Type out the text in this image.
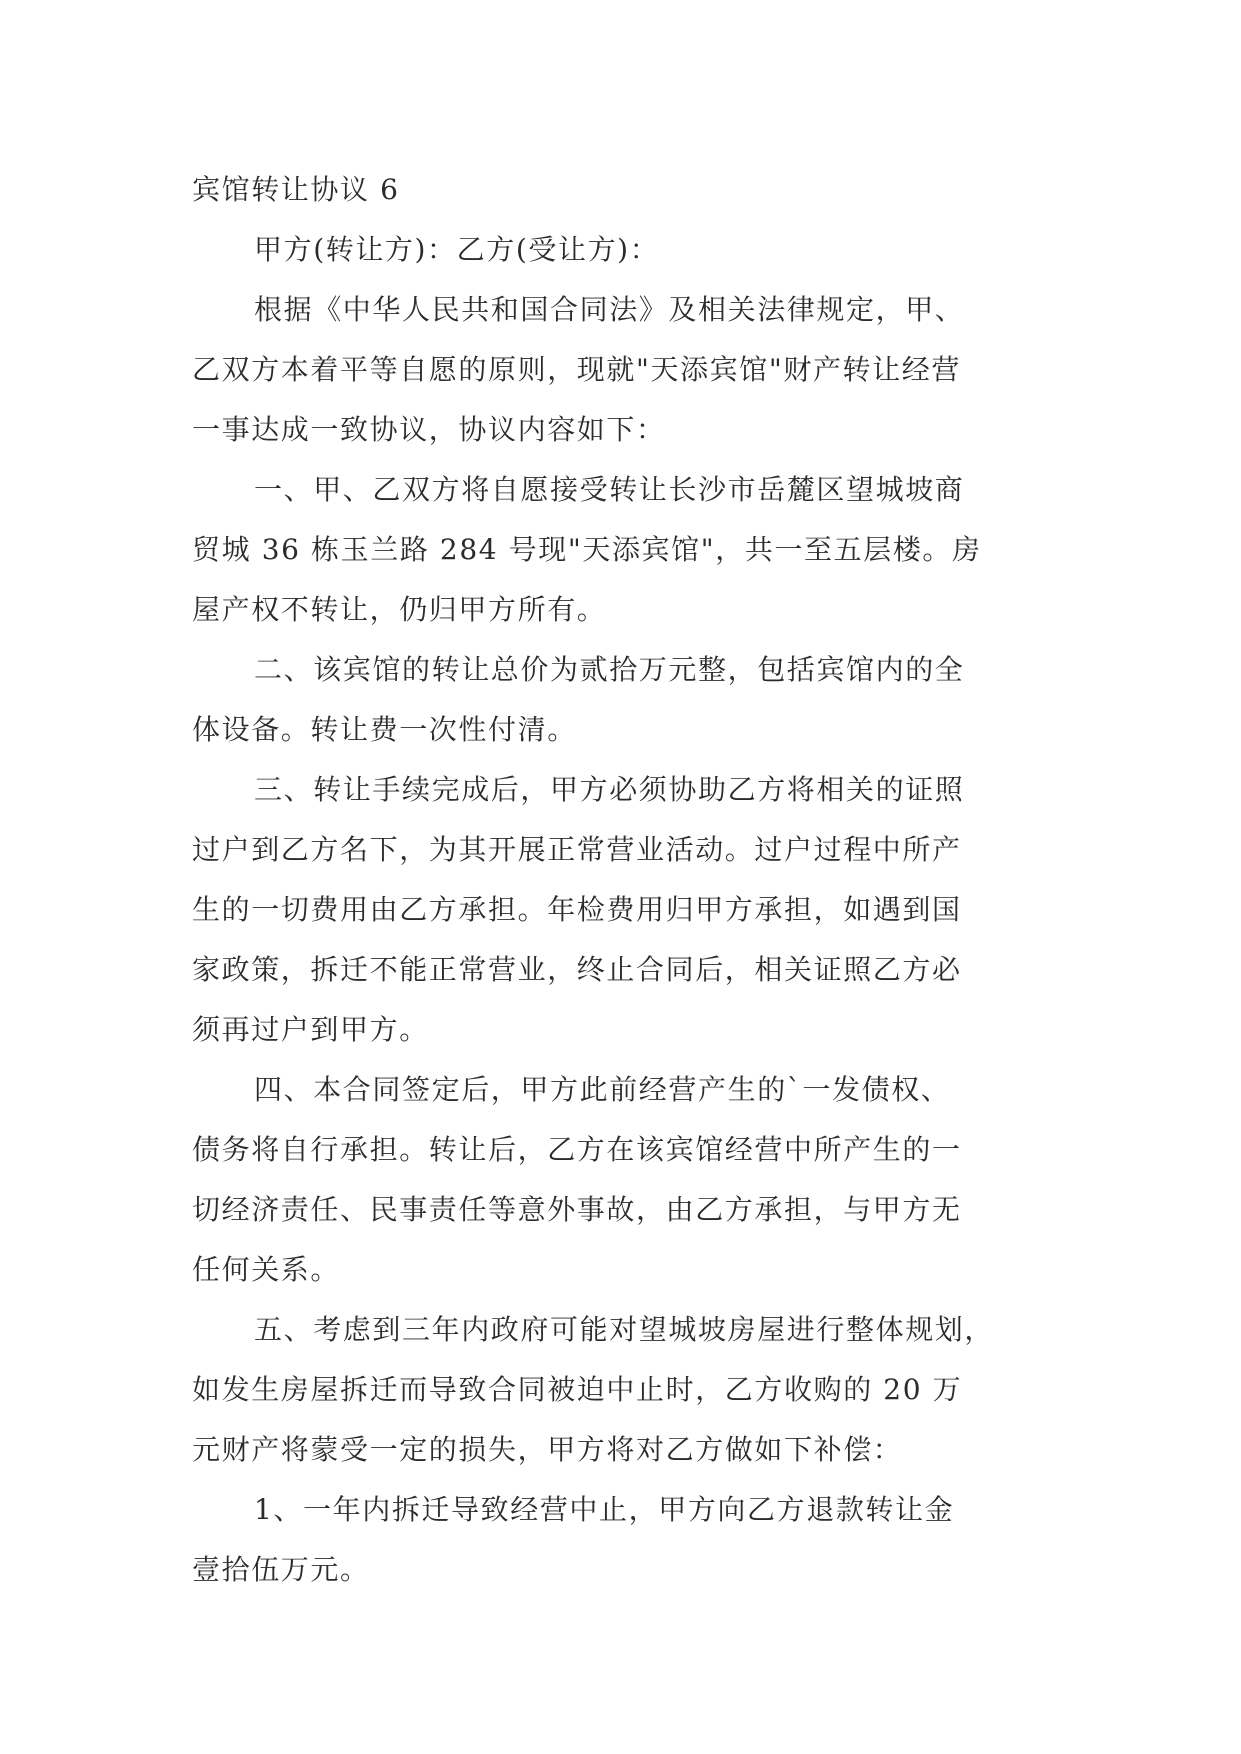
宾馆转让协议 6
甲方(转让方)：乙方(受让方)：
根据《中华人民共和国合同法》及相关法律规定，甲、
乙双方本着平等自愿的原则，现就"天添宾馆"财产转让经营
一事达成一致协议，协议内容如下：
一、甲、乙双方将自愿接受转让长沙市岳麓区望城坡商
贸城 36 栋玉兰路 284 号现"天添宾馆"，共一至五层楼。房
屋产权不转让，仍归甲方所有。
二、该宾馆的转让总价为贰拾万元整，包括宾馆内的全
体设备。转让费一次性付清。
三、转让手续完成后，甲方必须协助乙方将相关的证照
过户到乙方名下，为其开展正常营业活动。过户过程中所产
生的一切费用由乙方承担。年检费用归甲方承担，如遇到国
家政策，拆迁不能正常营业，终止合同后，相关证照乙方必
须再过户到甲方。
四、本合同签定后，甲方此前经营产生的`一发债权、
债务将自行承担。转让后，乙方在该宾馆经营中所产生的一
切经济责任、民事责任等意外事故，由乙方承担，与甲方无
任何关系。
五、考虑到三年内政府可能对望城坡房屋进行整体规划，
如发生房屋拆迁而导致合同被迫中止时，乙方收购的 20 万
元财产将蒙受一定的损失，甲方将对乙方做如下补偿：
1、一年内拆迁导致经营中止，甲方向乙方退款转让金
壹拾伍万元。
